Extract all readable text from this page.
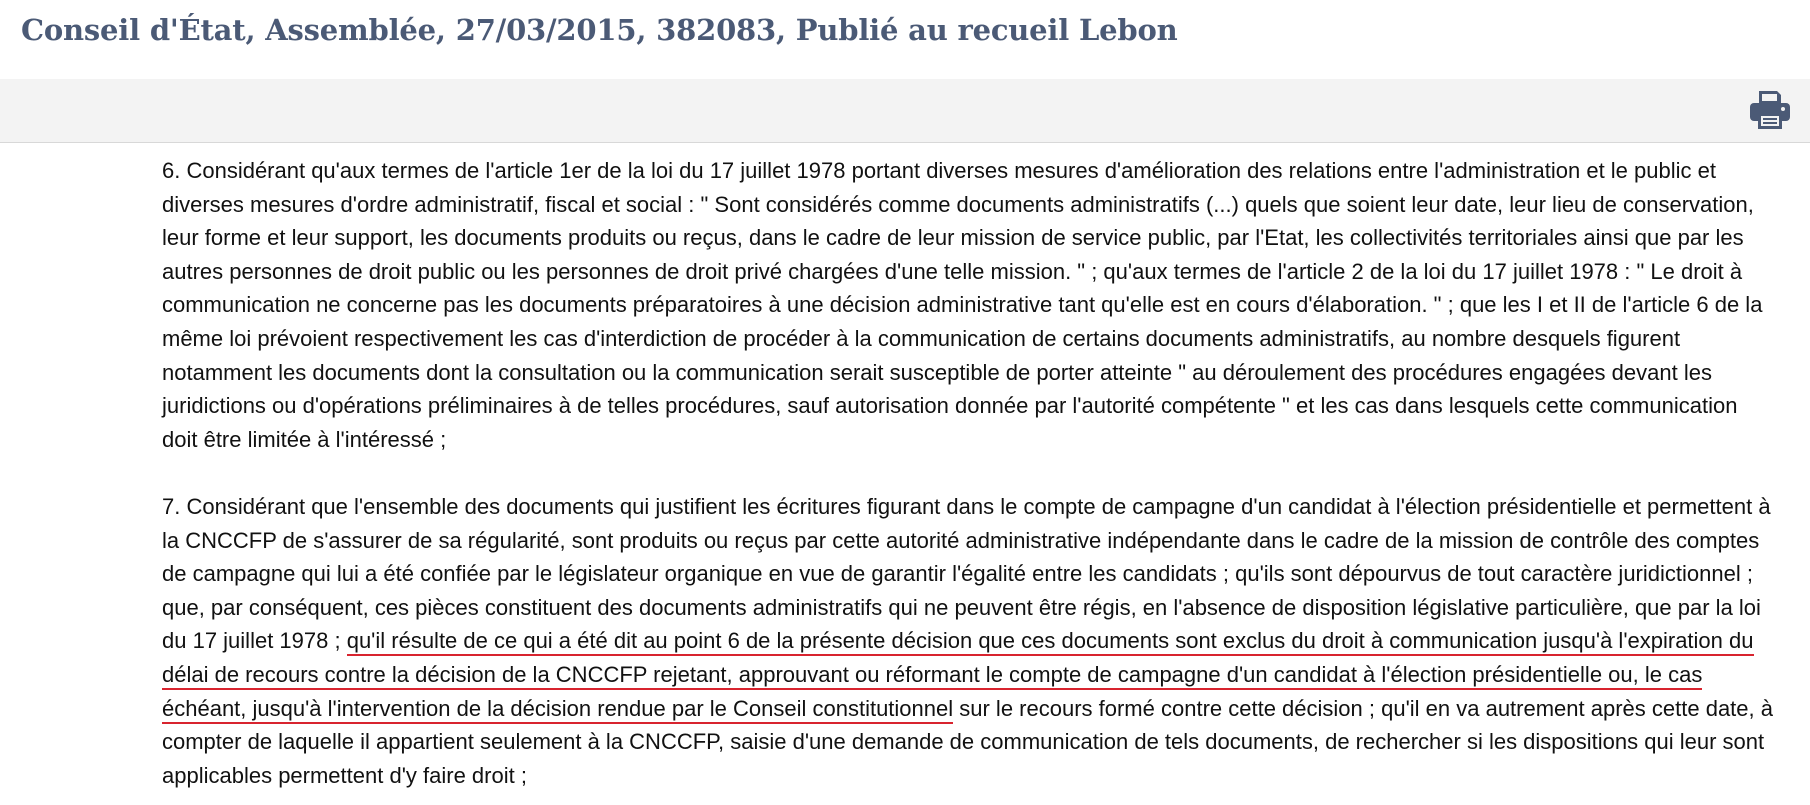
Conseil d'État, Assemblée, 27/03/2015, 382083, Publié au recueil Lebon

6. Considérant qu'aux termes de l'article 1er de la loi du 17 juillet 1978 portant diverses mesures d'amélioration des relations entre l'administration et le public et diverses mesures d'ordre administratif, fiscal et social : " Sont considérés comme documents administratifs (...) quels que soient leur date, leur lieu de conservation, leur forme et leur support, les documents produits ou reçus, dans le cadre de leur mission de service public, par l'Etat, les collectivités territoriales ainsi que par les autres personnes de droit public ou les personnes de droit privé chargées d'une telle mission. " ; qu'aux termes de l'article 2 de la loi du 17 juillet 1978 : " Le droit à communication ne concerne pas les documents préparatoires à une décision administrative tant qu'elle est en cours d'élaboration. " ; que les I et II de l'article 6 de la même loi prévoient respectivement les cas d'interdiction de procéder à la communication de certains documents administratifs, au nombre desquels figurent notamment les documents dont la consultation ou la communication serait susceptible de porter atteinte " au déroulement des procédures engagées devant les juridictions ou d'opérations préliminaires à de telles procédures, sauf autorisation donnée par l'autorité compétente " et les cas dans lesquels cette communication doit être limitée à l'intéressé ;

7. Considérant que l'ensemble des documents qui justifient les écritures figurant dans le compte de campagne d'un candidat à l'élection présidentielle et permettent à la CNCCFP de s'assurer de sa régularité, sont produits ou reçus par cette autorité administrative indépendante dans le cadre de la mission de contrôle des comptes de campagne qui lui a été confiée par le législateur organique en vue de garantir l'égalité entre les candidats ; qu'ils sont dépourvus de tout caractère juridictionnel ; que, par conséquent, ces pièces constituent des documents administratifs qui ne peuvent être régis, en l'absence de disposition législative particulière, que par la loi du 17 juillet 1978 ; qu'il résulte de ce qui a été dit au point 6 de la présente décision que ces documents sont exclus du droit à communication jusqu'à l'expiration du délai de recours contre la décision de la CNCCFP rejetant, approuvant ou réformant le compte de campagne d'un candidat à l'élection présidentielle ou, le cas échéant, jusqu'à l'intervention de la décision rendue par le Conseil constitutionnel sur le recours formé contre cette décision ; qu'il en va autrement après cette date, à compter de laquelle il appartient seulement à la CNCCFP, saisie d'une demande de communication de tels documents, de rechercher si les dispositions qui leur sont applicables permettent d'y faire droit ;
